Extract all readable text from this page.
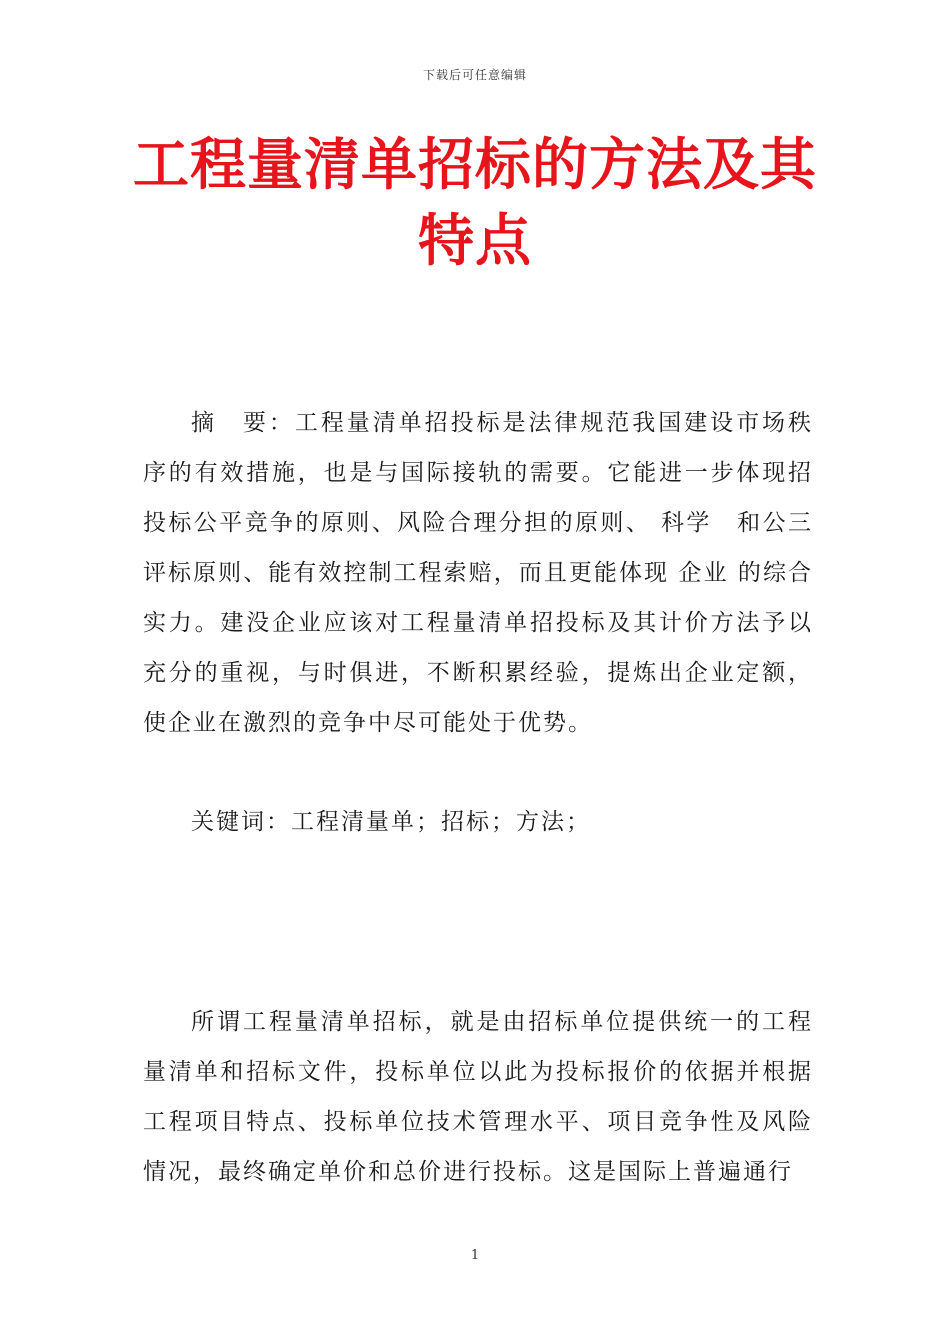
下载后可任意编辑
工程量清单招标的方法及其特点

摘　要：工程量清单招投标是法律规范我国建设市场秩序的有效措施，也是与国际接轨的需要。它能进一步体现招投标公平竞争的原则、风险合理分担的原则、 科学　和公三评标原则、能有效控制工程索赔，而且更能体现 企业 的综合实力。建没企业应该对工程量清单招投标及其计价方法予以充分的重视，与时俱进，不断积累经验，提炼出企业定额，使企业在激烈的竞争中尽可能处于优势。

关键词：工程清量单；招标；方法；

所谓工程量清单招标，就是由招标单位提供统一的工程量清单和招标文件，投标单位以此为投标报价的依据并根据工程项目特点、投标单位技术管理水平、项目竞争性及风险情况，最终确定单价和总价进行投标。这是国际上普遍通行

1
